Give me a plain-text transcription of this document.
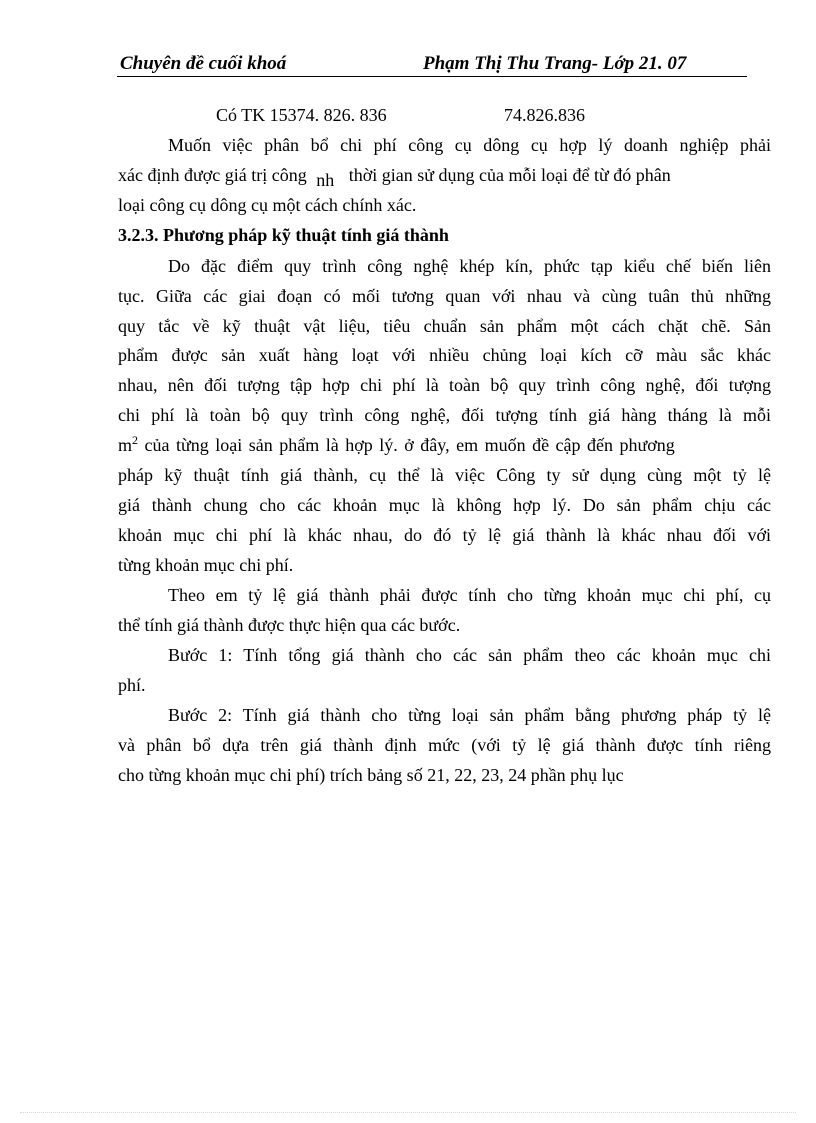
Chuyên đề cuối khoá	Phạm Thị Thu Trang- Lớp 21. 07
Có TK 15374. 826. 836	74.826.836
Muốn việc phân bổ chi phí công cụ dông cụ hợp lý doanh nghiệp phải
xác định được giá trị công nh thời gian sử dụng của mỗi loại để từ đó phân
loại công cụ dông cụ một cách chính xác.
3.2.3. Phương pháp kỹ thuật tính giá thành
Do đặc điểm quy trình công nghệ khép kín, phức tạp kiểu chế biến liên
tục. Giữa các giai đoạn có mối tương quan với nhau và cùng tuân thủ những
quy tắc về kỹ thuật vật liệu, tiêu chuẩn sản phẩm một cách chặt chẽ. Sản
phẩm được sản xuất hàng loạt với nhiều chủng loại kích cỡ màu sắc khác
nhau, nên đối tượng tập hợp chi phí là toàn bộ quy trình công nghệ, đối tượng
chi phí là toàn bộ quy trình công nghệ, đối tượng tính giá hàng tháng là mỗi
$m^2$ của từng loại sản phẩm là hợp lý. ở đây, em muốn đề cập đến phương
pháp kỹ thuật tính giá thành, cụ thể là việc Công ty sử dụng cùng một tỷ lệ
giá thành chung cho các khoản mục là không hợp lý. Do sản phẩm chịu các
khoản mục chi phí là khác nhau, do đó tỷ lệ giá thành là khác nhau đối với
từng khoản mục chi phí.
Theo em tỷ lệ giá thành phải được tính cho từng khoản mục chi phí, cụ
thể tính giá thành được thực hiện qua các bước.
Bước 1: Tính tổng giá thành cho các sản phẩm theo các khoản mục chi
phí.
Bước 2: Tính giá thành cho từng loại sản phẩm bằng phương pháp tỷ lệ
và phân bổ dựa trên giá thành định mức (với tỷ lệ giá thành được tính riêng
cho từng khoản mục chi phí) trích bảng số 21, 22, 23, 24 phần phụ lục
